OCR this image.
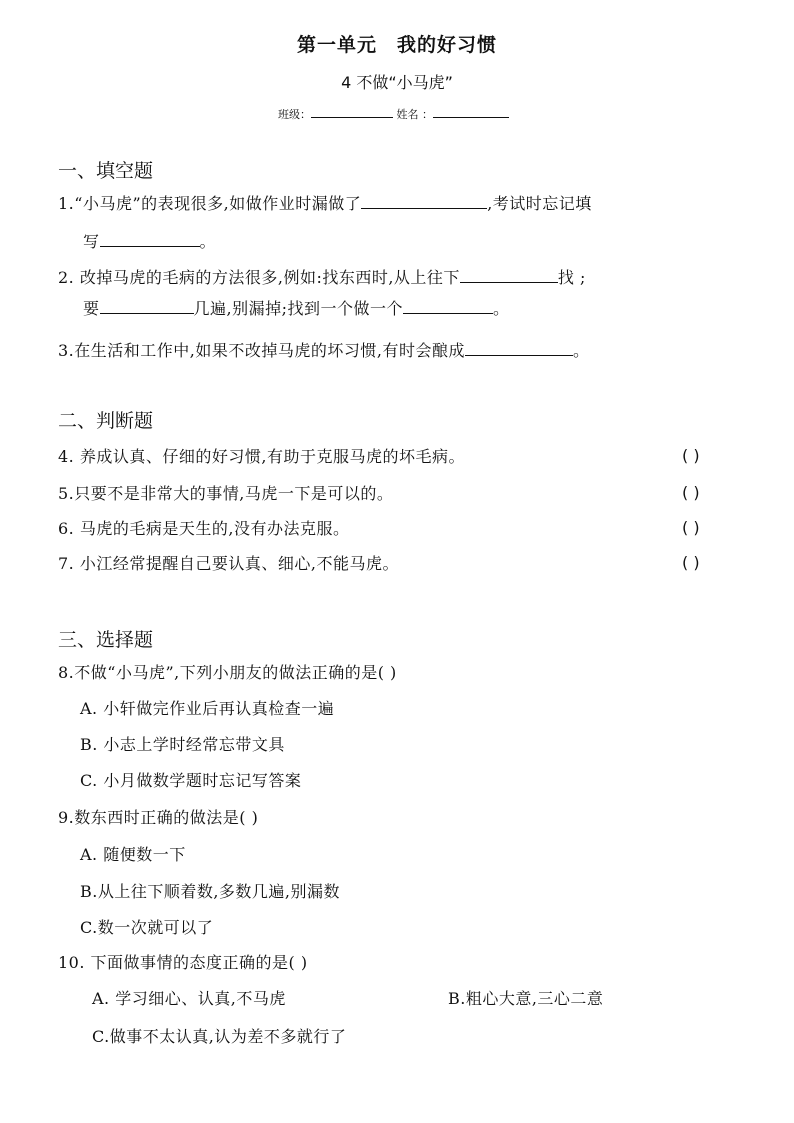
第一单元　我的好习惯
4 不做“小马虎”
班级：	姓名 ：
一、填空题
1.“小马虎”的表现很多,如做作业时漏做了	,考试时忘记填
写	。
2. 改掉马虎的毛病的方法很多,例如:找东西时,从上往下	找 ;
要	几遍,别漏掉;找到一个做一个	。
3.在生活和工作中,如果不改掉马虎的坏习惯,有时会酿成	。
二、判断题
4. 养成认真、仔细的好习惯,有助于克服马虎的坏毛病。	( )
5.只要不是非常大的事情,马虎一下是可以的。	( )
6. 马虎的毛病是天生的,没有办法克服。	( )
7. 小江经常提醒自己要认真、细心,不能马虎。	( )
三、选择题
8.不做“小马虎”,下列小朋友的做法正确的是( )
A. 小轩做完作业后再认真检查一遍
B. 小志上学时经常忘带文具
C. 小月做数学题时忘记写答案
9.数东西时正确的做法是( )
A. 随便数一下
B.从上往下顺着数,多数几遍,别漏数
C.数一次就可以了
10. 下面做事情的态度正确的是( )
A. 学习细心、认真,不马虎	B.粗心大意,三心二意
C.做事不太认真,认为差不多就行了
